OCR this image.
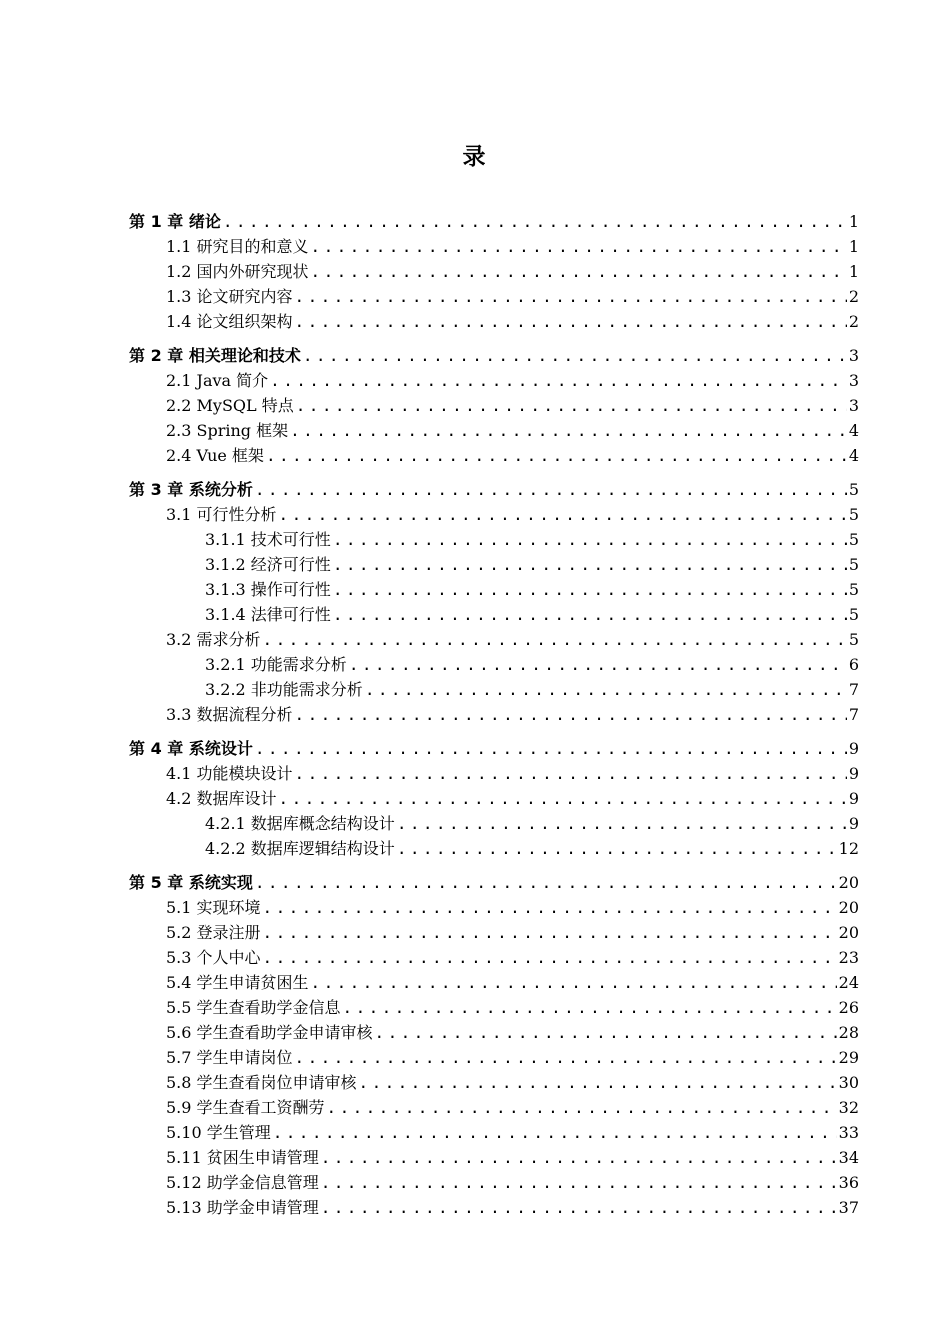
录
第 1 章 绪论 .....	1
1.1 研究目的和意义 .....	1
1.2 国内外研究现状 .....	1
1.3 论文研究内容 .....	2
1.4 论文组织架构 .....	2
第 2 章 相关理论和技术 .....	3
2.1 Java 简介 .....	3
2.2 MySQL 特点 .....	3
2.3 Spring 框架 .....	4
2.4 Vue 框架 .....	4
第 3 章 系统分析 .....	5
3.1 可行性分析 .....	5
3.1.1 技术可行性 .....	5
3.1.2 经济可行性 .....	5
3.1.3 操作可行性 .....	5
3.1.4 法律可行性 .....	5
3.2 需求分析 .....	5
3.2.1 功能需求分析 .....	6
3.2.2 非功能需求分析 .....	7
3.3 数据流程分析 .....	7
第 4 章 系统设计 .....	9
4.1 功能模块设计 .....	9
4.2 数据库设计 .....	9
4.2.1 数据库概念结构设计 .....	9
4.2.2 数据库逻辑结构设计 .....	12
第 5 章 系统实现 .....	20
5.1 实现环境 .....	20
5.2 登录注册 .....	20
5.3 个人中心 .....	23
5.4 学生申请贫困生 .....	24
5.5 学生查看助学金信息 .....	26
5.6 学生查看助学金申请审核 .....	28
5.7 学生申请岗位 .....	29
5.8 学生查看岗位申请审核 .....	30
5.9 学生查看工资酬劳 .....	32
5.10 学生管理 .....	33
5.11 贫困生申请管理 .....	34
5.12 助学金信息管理 .....	36
5.13 助学金申请管理 .....	37
